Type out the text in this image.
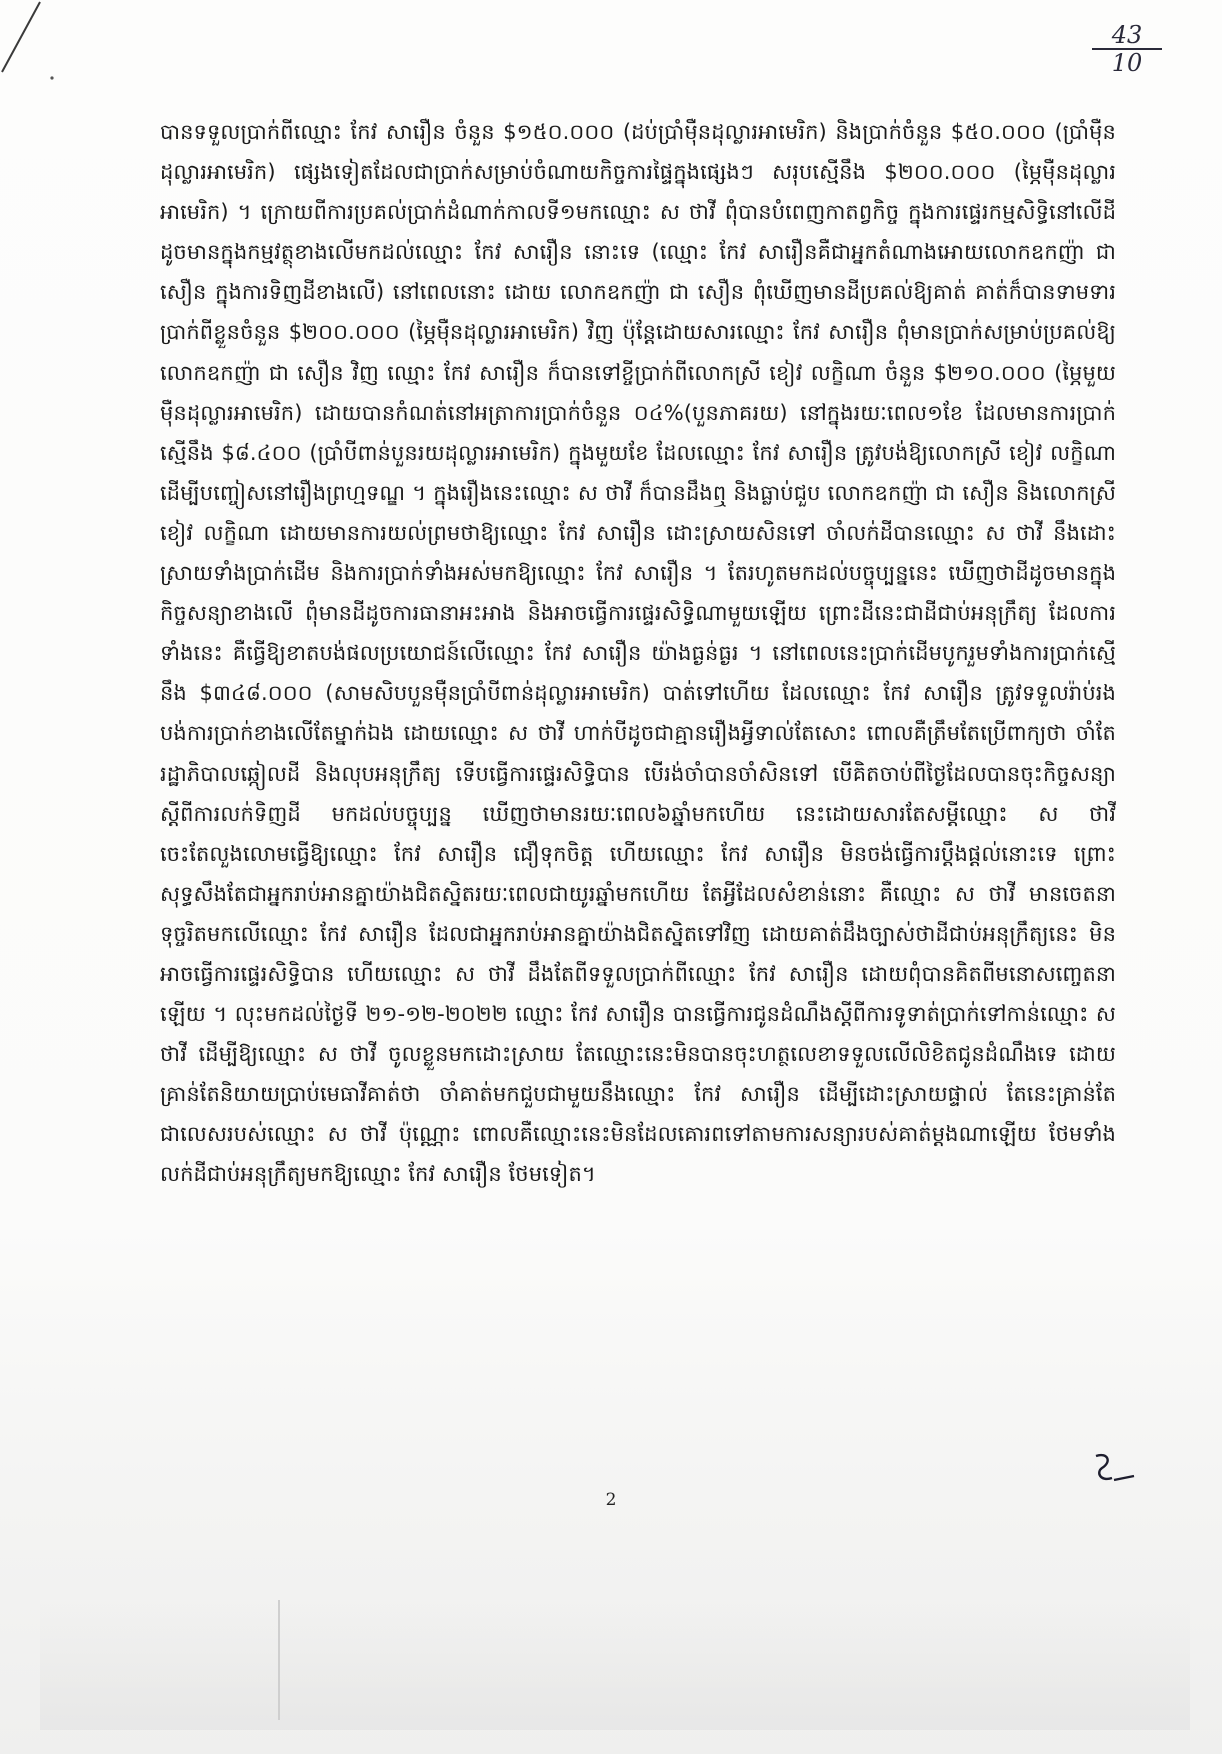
$\frac{43}{10}$

បានទទួលប្រាក់ពីឈ្មោះ កែវ សារឿន ចំនួន $១៥០.០០០ (ដប់ប្រាំម៉ឺនដុល្លារអាមេរិក) និងប្រាក់ចំនួន $៥០.០០០ (ប្រាំម៉ឺនដុល្លារអាមេរិក) ផ្សេងទៀតដែលជាប្រាក់សម្រាប់ចំណាយកិច្ចការផ្ទៃក្នុងផ្សេងៗ សរុបស្មើនឹង $២០០.០០០ (ម្ភៃម៉ឺនដុល្លារអាមេរិក) ។ ក្រោយពីការប្រគល់ប្រាក់ដំណាក់កាលទី១មកឈ្មោះ ស ថាវី ពុំបានបំពេញកាតព្វកិច្ច ក្នុងការផ្ទេរកម្មសិទ្ធិនៅលើដីដូចមានក្នុងកម្មវត្ថុខាងលើមកដល់ឈ្មោះ កែវ សារឿន នោះទេ (ឈ្មោះ កែវ សារឿនគឺជាអ្នកតំណាងអោយលោកឧកញ៉ា ជា សឿន ក្នុងការទិញដីខាងលើ) នៅពេលនោះ ដោយ លោកឧកញ៉ា ជា សឿន ពុំឃើញមានដីប្រគល់ឱ្យគាត់ គាត់ក៏បានទាមទារប្រាក់ពីខ្លួនចំនួន $២០០.០០០ (ម្ភៃម៉ឺនដុល្លារអាមេរិក) វិញ ប៉ុន្តែដោយសារឈ្មោះ កែវ សារឿន ពុំមានប្រាក់សម្រាប់ប្រគល់ឱ្យ លោកឧកញ៉ា ជា សឿន វិញ ឈ្មោះ កែវ សារឿន ក៏បានទៅខ្ចីប្រាក់ពីលោកស្រី ខៀវ លក្ខិណា ចំនួន $២១០.០០០ (ម្ភៃមួយម៉ឺនដុល្លារអាមេរិក) ដោយបានកំណត់នៅអត្រាការប្រាក់ចំនួន ០៤%(បួនភាគរយ) នៅក្នុងរយៈពេល១ខែ ដែលមានការប្រាក់ស្មើនឹង $៨.៤០០ (ប្រាំបីពាន់បួនរយដុល្លារអាមេរិក) ក្នុងមួយខែ ដែលឈ្មោះ កែវ សារឿន ត្រូវបង់ឱ្យលោកស្រី ខៀវ លក្ខិណា ដើម្បីបញ្ចៀសនៅរឿងព្រហ្មទណ្ឌ ។ ក្នុងរឿងនេះឈ្មោះ ស ថាវី ក៏បានដឹងឮ និងធ្លាប់ជួប លោកឧកញ៉ា ជា សឿន និងលោកស្រី ខៀវ លក្ខិណា ដោយមានការយល់ព្រមថាឱ្យឈ្មោះ កែវ សារឿន ដោះស្រាយសិនទៅ ចាំលក់ដីបានឈ្មោះ ស ថាវី នឹងដោះស្រាយទាំងប្រាក់ដើម និងការប្រាក់ទាំងអស់មកឱ្យឈ្មោះ កែវ សារឿន ។ តែរហូតមកដល់បច្ចុប្បន្ននេះ ឃើញថាដីដូចមានក្នុងកិច្ចសន្យាខាងលើ ពុំមានដីដូចការធានាអះអាង និងអាចធ្វើការផ្ទេរសិទ្ធិណាមួយឡើយ ព្រោះដីនេះជាដីជាប់អនុក្រឹត្យ ដែលការទាំងនេះ គឺធ្វើឱ្យខាតបង់ផលប្រយោជន៍លើឈ្មោះ កែវ សារឿន យ៉ាងធ្ងន់ធ្ងរ ។ នៅពេលនេះប្រាក់ដើមបូករួមទាំងការប្រាក់ស្មើនឹង $៣៤៨.០០០ (សាមសិបបួនម៉ឺនប្រាំបីពាន់ដុល្លារអាមេរិក) បាត់ទៅហើយ ដែលឈ្មោះ កែវ សារឿន ត្រូវទទួលរ៉ាប់រងបង់ការប្រាក់ខាងលើតែម្នាក់ឯង ដោយឈ្មោះ ស ថាវី ហាក់បីដូចជាគ្មានរឿងអ្វីទាល់តែសោះ ពោលគឺត្រឹមតែប្រើពាក្យថា ចាំតែរដ្ឋាភិបាលឆ្កៀលដី និងលុបអនុក្រឹត្យ ទើបធ្វើការផ្ទេរសិទ្ធិបាន បើរង់ចាំបានចាំសិនទៅ បើគិតចាប់ពីថ្ងៃដែលបានចុះកិច្ចសន្យាស្តីពីការលក់ទិញដី មកដល់បច្ចុប្បន្ន ឃើញថាមានរយៈពេល៦ឆ្នាំមកហើយ នេះដោយសារតែសម្តីឈ្មោះ ស ថាវី ចេះតែលួងលោមធ្វើឱ្យឈ្មោះ កែវ សារឿន ជឿទុកចិត្ត ហើយឈ្មោះ កែវ សារឿន មិនចង់ធ្វើការប្តឹងផ្តល់នោះទេ ព្រោះសុទ្ធសឹងតែជាអ្នករាប់អានគ្នាយ៉ាងជិតស្និតរយៈពេលជាយូរឆ្នាំមកហើយ តែអ្វីដែលសំខាន់នោះ គឺឈ្មោះ ស ថាវី មានចេតនាទុច្ចរិតមកលើឈ្មោះ កែវ សារឿន ដែលជាអ្នករាប់អានគ្នាយ៉ាងជិតស្និតទៅវិញ ដោយគាត់ដឹងច្បាស់ថាដីជាប់អនុក្រឹត្យនេះ មិនអាចធ្វើការផ្ទេរសិទ្ធិបាន ហើយឈ្មោះ ស ថាវី ដឹងតែពីទទួលប្រាក់ពីឈ្មោះ កែវ សារឿន ដោយពុំបានគិតពីមនោសញ្ចេតនាឡើយ ។ លុះមកដល់ថ្ងៃទី ២១-១២-២០២២ ឈ្មោះ កែវ សារឿន បានធ្វើការជូនដំណឹងស្តីពីការទូទាត់ប្រាក់ទៅកាន់ឈ្មោះ ស ថាវី ដើម្បីឱ្យឈ្មោះ ស ថាវី ចូលខ្លួនមកដោះស្រាយ តែឈ្មោះនេះមិនបានចុះហត្ថលេខាទទួលលើលិខិតជូនដំណឹងទេ ដោយគ្រាន់តែនិយាយប្រាប់មេធាវីគាត់ថា ចាំគាត់មកជួបជាមួយនឹងឈ្មោះ កែវ សារឿន ដើម្បីដោះស្រាយផ្ទាល់ តែនេះគ្រាន់តែជាលេសរបស់ឈ្មោះ ស ថាវី ប៉ុណ្ណោះ ពោលគឺឈ្មោះនេះមិនដែលគោរពទៅតាមការសន្យារបស់គាត់ម្តងណាឡើយ ថែមទាំងលក់ដីជាប់អនុក្រឹត្យមកឱ្យឈ្មោះ កែវ សារឿន ថែមទៀត។

2
